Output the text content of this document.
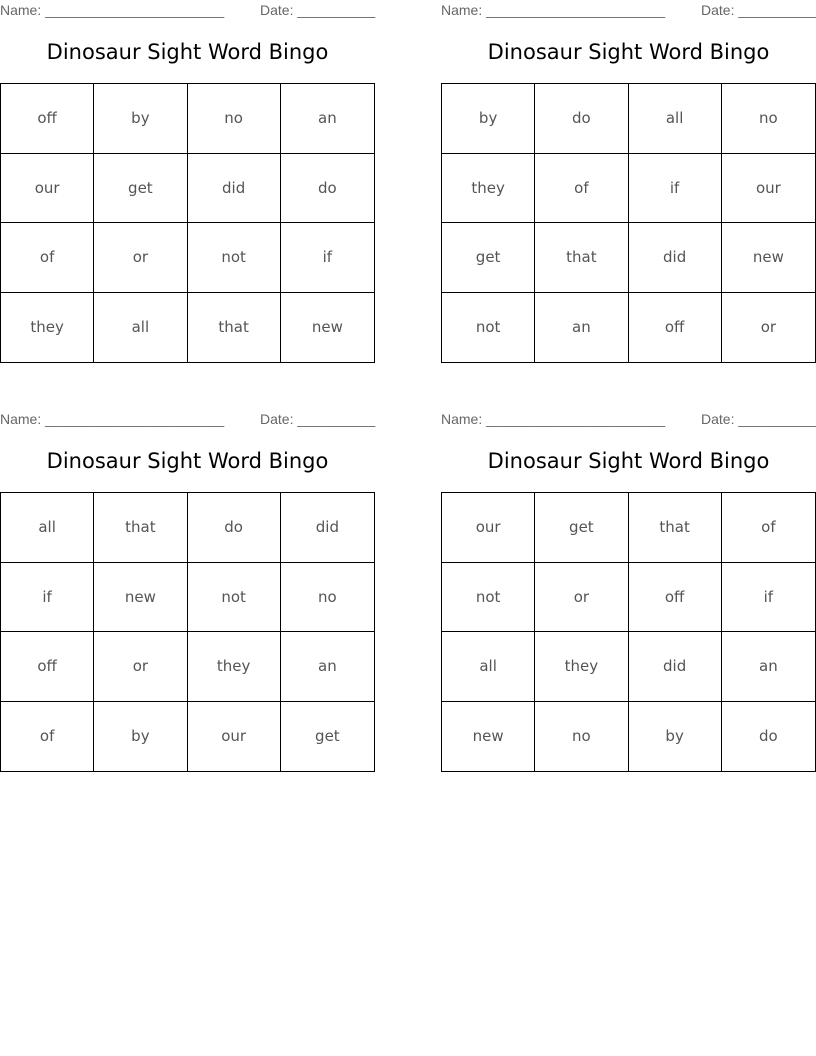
Name: _______________________	Date: __________
Dinosaur Sight Word Bingo
off	by	no	an
our	get	did	do
of	or	not	if
they	all	that	new
Name: _______________________	Date: __________
Dinosaur Sight Word Bingo
by	do	all	no
they	of	if	our
get	that	did	new
not	an	off	or
Name: _______________________	Date: __________
Dinosaur Sight Word Bingo
all	that	do	did
if	new	not	no
off	or	they	an
of	by	our	get
Name: _______________________	Date: __________
Dinosaur Sight Word Bingo
our	get	that	of
not	or	off	if
all	they	did	an
new	no	by	do
